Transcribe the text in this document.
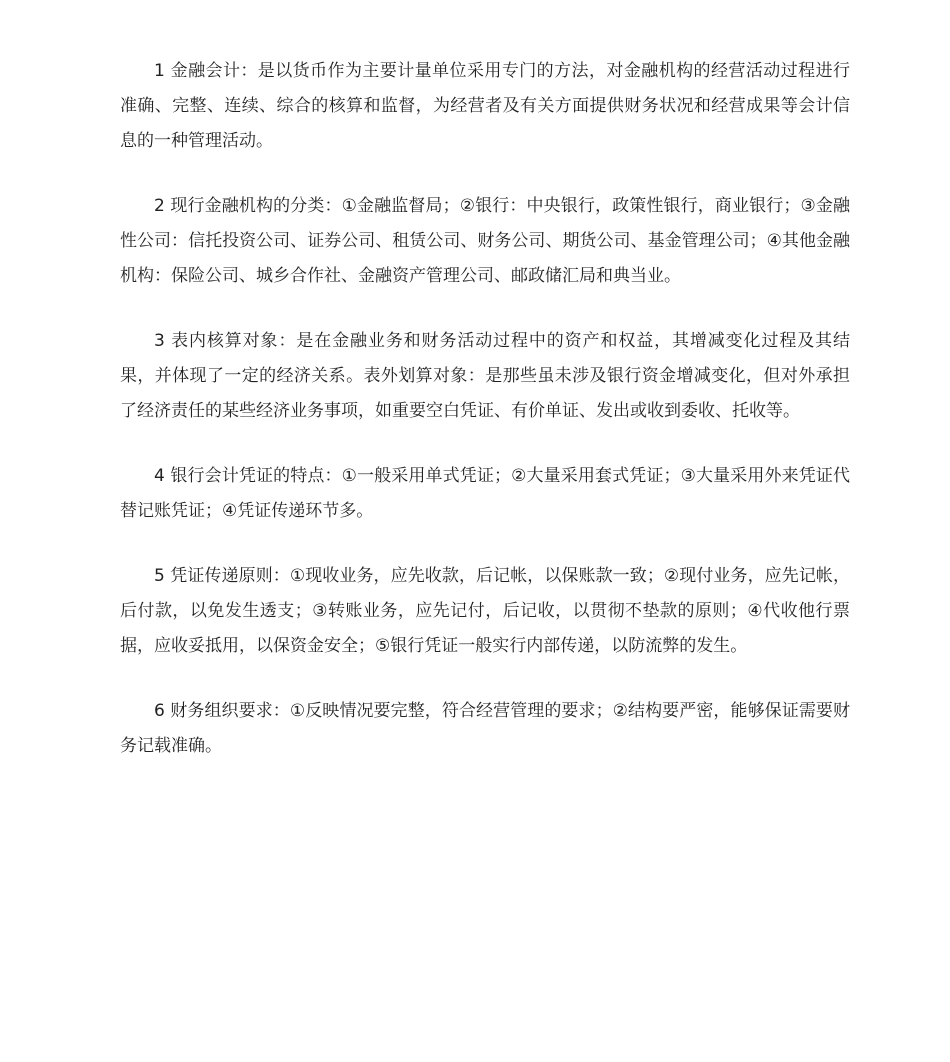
1 金融会计：是以货币作为主要计量单位采用专门的方法，对金融机构的经营活动过程进行准确、完整、连续、综合的核算和监督，为经营者及有关方面提供财务状况和经营成果等会计信息的一种管理活动。

2 现行金融机构的分类：①金融监督局；②银行：中央银行，政策性银行，商业银行；③金融性公司：信托投资公司、证券公司、租赁公司、财务公司、期货公司、基金管理公司；④其他金融机构：保险公司、城乡合作社、金融资产管理公司、邮政储汇局和典当业。

3 表内核算对象：是在金融业务和财务活动过程中的资产和权益，其增减变化过程及其结果，并体现了一定的经济关系。表外划算对象：是那些虽未涉及银行资金增减变化，但对外承担了经济责任的某些经济业务事项，如重要空白凭证、有价单证、发出或收到委收、托收等。

4 银行会计凭证的特点：①一般采用单式凭证；②大量采用套式凭证；③大量采用外来凭证代替记账凭证；④凭证传递环节多。

5 凭证传递原则：①现收业务，应先收款，后记帐，以保账款一致；②现付业务，应先记帐，后付款，以免发生透支；③转账业务，应先记付，后记收，以贯彻不垫款的原则；④代收他行票据，应收妥抵用，以保资金安全；⑤银行凭证一般实行内部传递，以防流弊的发生。

6 财务组织要求：①反映情况要完整，符合经营管理的要求；②结构要严密，能够保证需要财务记载准确。
